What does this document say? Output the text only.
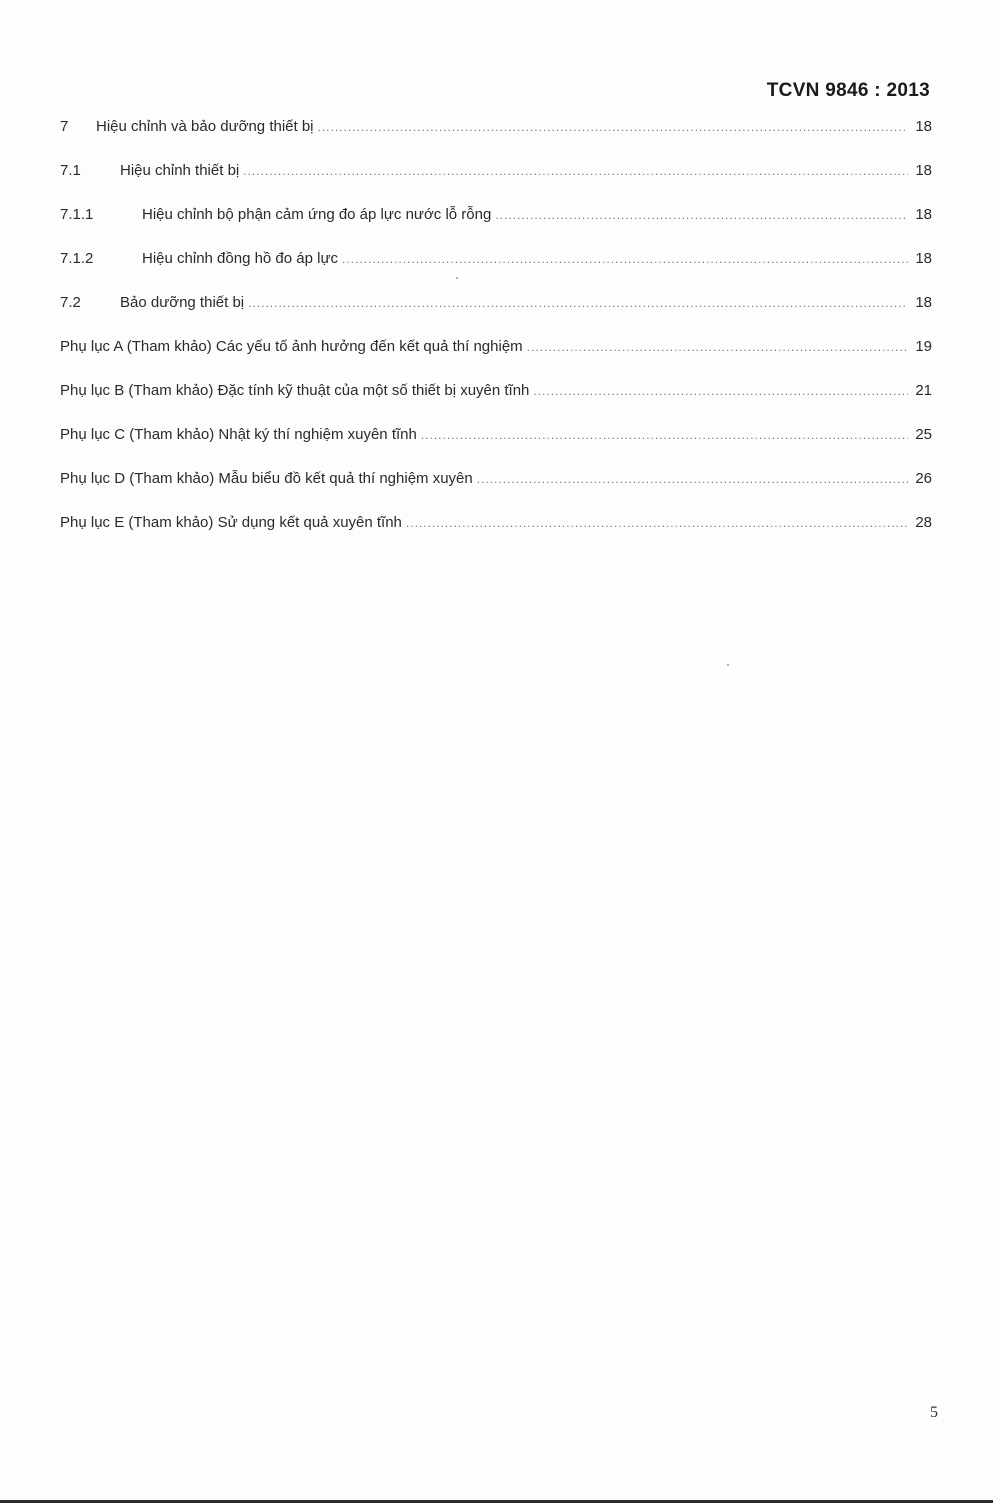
TCVN 9846 : 2013
7	Hiệu chỉnh và bảo dưỡng thiết bị .....	18
7.1	Hiệu chỉnh thiết bị .....	18
7.1.1	Hiệu chỉnh bộ phận cảm ứng đo áp lực nước lỗ rỗng .....	18
7.1.2	Hiệu chỉnh đồng hồ đo áp lực .....	18
7.2	Bảo dưỡng thiết bị .....	18
Phụ lục A (Tham khảo) Các yếu tố ảnh hưởng đến kết quả thí nghiệm .....	19
Phụ lục B (Tham khảo) Đặc tính kỹ thuật của một số thiết bị xuyên tĩnh .....	21
Phụ lục C (Tham khảo) Nhật ký thí nghiệm xuyên tĩnh .....	25
Phụ lục D (Tham khảo) Mẫu biểu đồ kết quả thí nghiệm xuyên .....	26
Phụ lục E (Tham khảo) Sử dụng kết quả xuyên tĩnh .....	28
5
